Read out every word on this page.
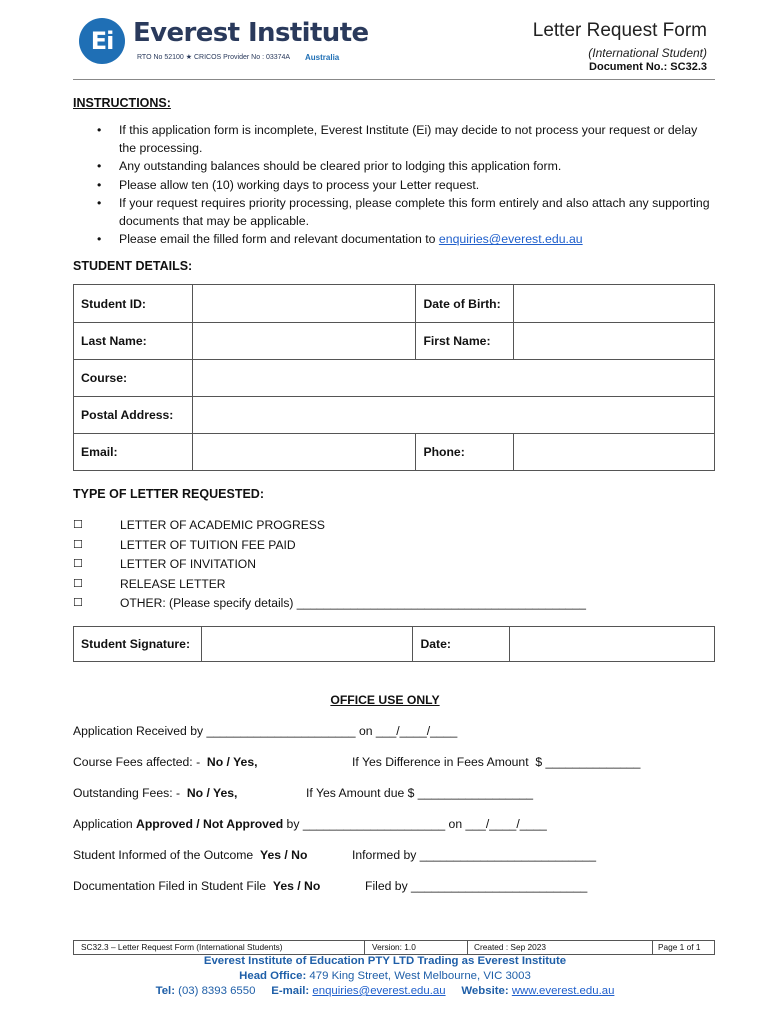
Ei Everest Institute
RTO No 52100 ★ CRICOS Provider No : 03374A Australia
Letter Request Form
(International Student)
Document No.: SC32.3
INSTRUCTIONS:
• If this application form is incomplete, Everest Institute (Ei) may decide to not process your request or delay the processing.
• Any outstanding balances should be cleared prior to lodging this application form.
• Please allow ten (10) working days to process your Letter request.
• If your request requires priority processing, please complete this form entirely and also attach any supporting documents that may be applicable.
• Please email the filled form and relevant documentation to enquiries@everest.edu.au
STUDENT DETAILS:
Student ID:		Date of Birth:	
Last Name:		First Name:	
Course:			
Postal Address:			
Email:		Phone:	
TYPE OF LETTER REQUESTED:
☐	LETTER OF ACADEMIC PROGRESS
☐	LETTER OF TUITION FEE PAID
☐	LETTER OF INVITATION
☐	RELEASE LETTER
☐	OTHER: (Please specify details) ___________________________________________
Student Signature:		Date:	
OFFICE USE ONLY
Application Received by ______________________ on ___/____/____
Course Fees affected: -  No / Yes,	If Yes Difference in Fees Amount  $ ______________
Outstanding Fees: -  No / Yes,	If Yes Amount due $ _________________
Application Approved / Not Approved by _____________________ on ___/____/____
Student Informed of the Outcome  Yes / No	Informed by __________________________
Documentation Filed in Student File  Yes / No	Filed by __________________________
SC32.3 – Letter Request Form (International Students)	Version: 1.0	Created : Sep 2023	Page 1 of 1
Everest Institute of Education PTY LTD Trading as Everest Institute
Head Office: 479 King Street, West Melbourne, VIC 3003
Tel: (03) 8393 6550 E-mail: enquiries@everest.edu.au Website: www.everest.edu.au
